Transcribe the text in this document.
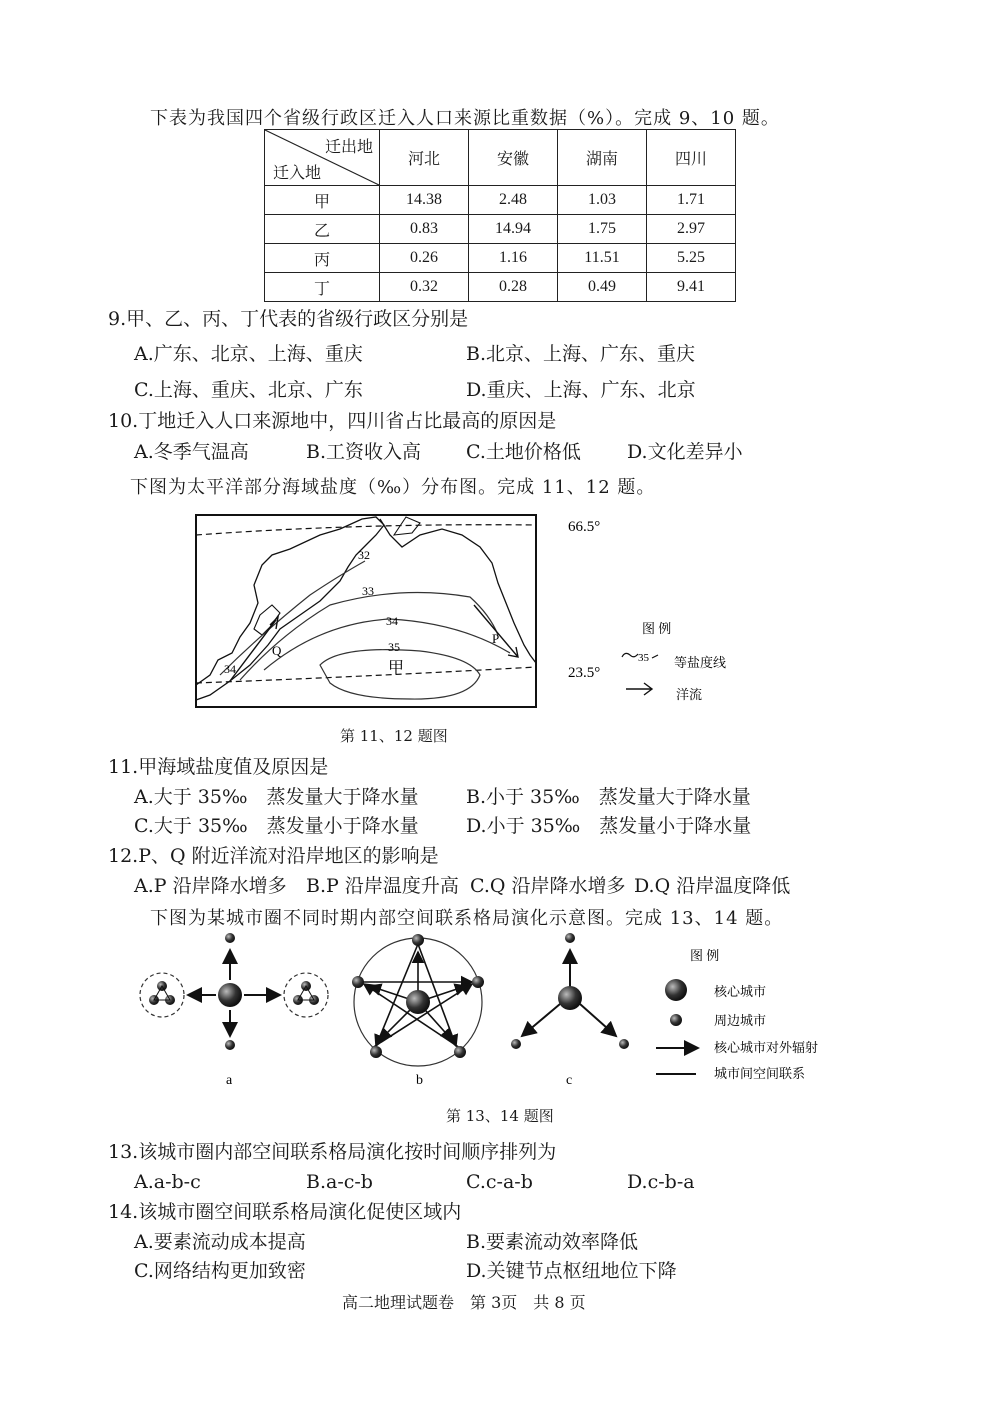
下表为我国四个省级行政区迁入人口来源比重数据（%）。完成 9、10 题。
迁出地
迁入地	河北	安徽	湖南	四川
甲	14.38	2.48	1.03	1.71
乙	0.83	14.94	1.75	2.97
丙	0.26	1.16	11.51	5.25
丁	0.32	0.28	0.49	9.41
9.甲、乙、丙、丁代表的省级行政区分别是
A.广东、北京、上海、重庆	B.北京、上海、广东、重庆
C.上海、重庆、北京、广东	D.重庆、上海、广东、北京
10.丁地迁入人口来源地中，四川省占比最高的原因是
A.冬季气温高	B.工资收入高 C.土地价格低 D.文化差异小
下图为太平洋部分海域盐度（‰）分布图。完成 11、12 题。
32
33
34
35
34	甲
P
Q
66.5°
23.5°
图 例
35 等盐度线
洋流
第 11、12 题图
11.甲海域盐度值及原因是
A.大于 35‰　蒸发量大于降水量	B.小于 35‰　蒸发量大于降水量
C.大于 35‰　蒸发量小于降水量 D.小于 35‰　蒸发量小于降水量
12.P、Q 附近洋流对沿岸地区的影响是
A.P 沿岸降水增多 B.P 沿岸温度升高 C.Q 沿岸降水增多 D.Q 沿岸温度降低
下图为某城市圈不同时期内部空间联系格局演化示意图。完成 13、14 题。
a	b	c
图 例
核心城市
周边城市
核心城市对外辐射
城市间空间联系
第 13、14 题图
13.该城市圈内部空间联系格局演化按时间顺序排列为
A.a-b-c	B.a-c-b	C.c-a-b	D.c-b-a
14.该城市圈空间联系格局演化促使区域内
A.要素流动成本提高	B.要素流动效率降低
C.网络结构更加致密	D.关键节点枢纽地位下降
高二地理试题卷　第 3页　共 8 页
